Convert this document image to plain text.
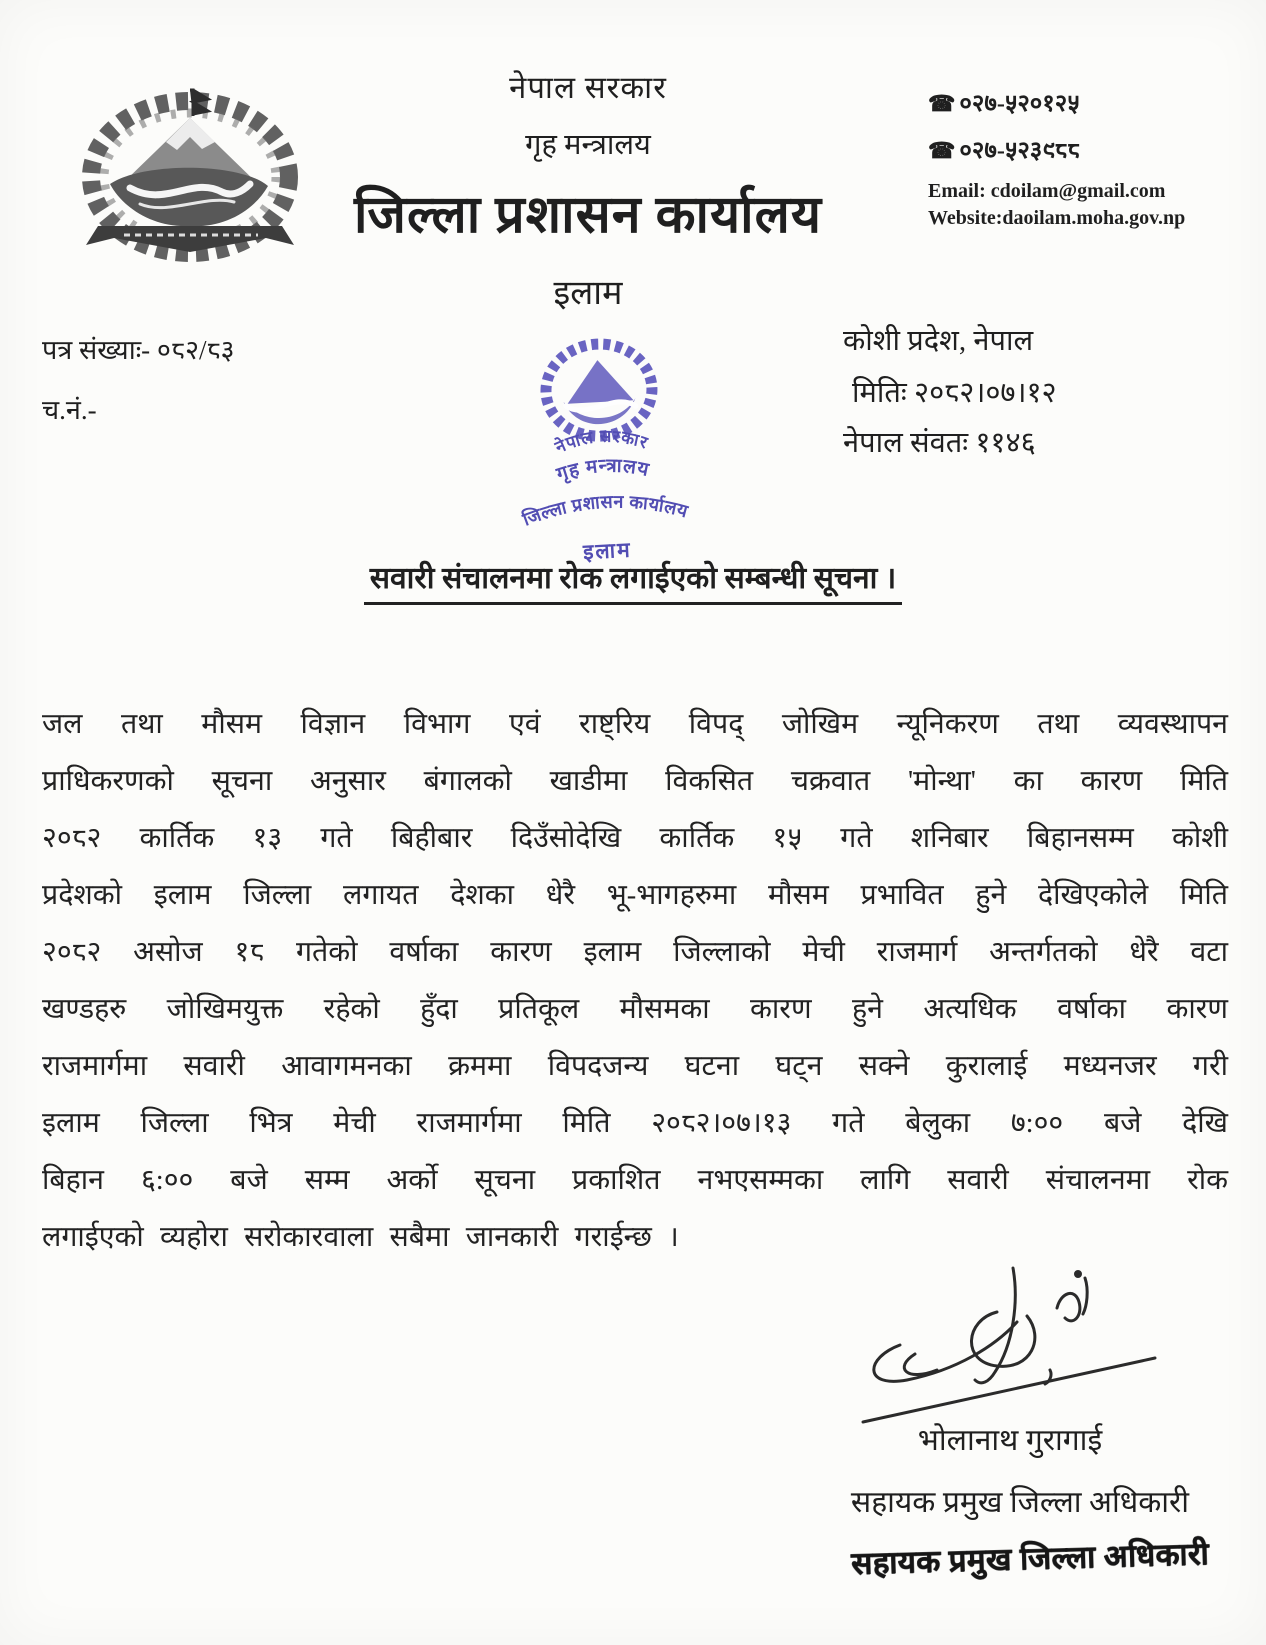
नेपाल सरकार
गृह मन्त्रालय
जिल्ला प्रशासन कार्यालय
इलाम
☎ ०२७-५२०१२५
☎ ०२७-५२३९८८
Email: cdoilam@gmail.com
Website:daoilam.moha.gov.np
पत्र संख्याः- ०८२/८३
च.नं.-
कोशी प्रदेश, नेपाल
मितिः २०८२।०७।१२
नेपाल संवतः ११४६
नेपाल सरकार
गृह मन्त्रालय
जिल्ला प्रशासन कार्यालय
इलाम
सवारी संचालनमा रोक लगाईएको सम्बन्धी सूचना ।
जल तथा मौसम विज्ञान विभाग एवं राष्ट्रिय विपद् जोखिम न्यूनिकरण तथा व्यवस्थापन
प्राधिकरणको सूचना अनुसार बंगालको खाडीमा विकसित चक्रवात 'मोन्था' का कारण मिति
२०८२ कार्तिक १३ गते बिहीबार दिउँसोदेखि कार्तिक १५ गते शनिबार बिहानसम्म कोशी
प्रदेशको इलाम जिल्ला लगायत देशका धेरै भू-भागहरुमा मौसम प्रभावित हुने देखिएकोले मिति
२०८२ असोज १८ गतेको वर्षाका कारण इलाम जिल्लाको मेची राजमार्ग अन्तर्गतको धेरै वटा
खण्डहरु जोखिमयुक्त रहेको हुँदा प्रतिकूल मौसमका कारण हुने अत्यधिक वर्षाका कारण
राजमार्गमा सवारी आवागमनका क्रममा विपदजन्य घटना घट्न सक्ने कुरालाई मध्यनजर गरी
इलाम जिल्ला भित्र मेची राजमार्गमा मिति २०८२।०७।१३ गते बेलुका ७:०० बजे देखि
बिहान ६:०० बजे सम्म अर्को सूचना प्रकाशित नभएसम्मका लागि सवारी संचालनमा रोक
लगाईएको व्यहोरा सरोकारवाला सबैमा जानकारी गराईन्छ ।
भोलानाथ गुरागाई
सहायक प्रमुख जिल्ला अधिकारी
सहायक प्रमुख जिल्ला अधिकारी
